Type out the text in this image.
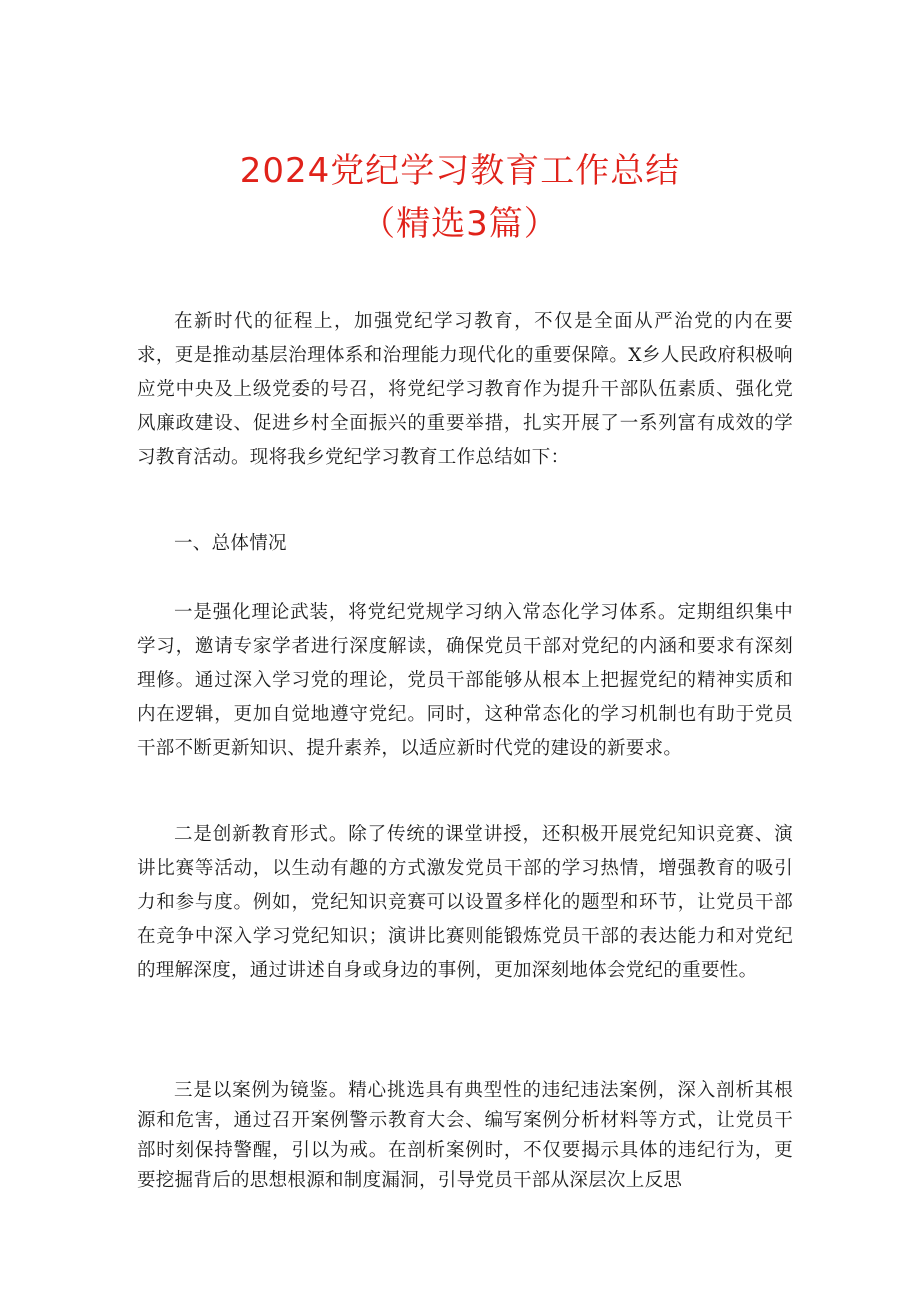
2024党纪学习教育工作总结
（精选3篇）

在新时代的征程上，加强党纪学习教育，不仅是全面从严治党的内在要求，更是推动基层治理体系和治理能力现代化的重要保障。X乡人民政府积极响应党中央及上级党委的号召，将党纪学习教育作为提升干部队伍素质、强化党风廉政建设、促进乡村全面振兴的重要举措，扎实开展了一系列富有成效的学习教育活动。现将我乡党纪学习教育工作总结如下：

一、总体情况

一是强化理论武装，将党纪党规学习纳入常态化学习体系。定期组织集中学习，邀请专家学者进行深度解读，确保党员干部对党纪的内涵和要求有深刻理修。通过深入学习党的理论，党员干部能够从根本上把握党纪的精神实质和内在逻辑，更加自觉地遵守党纪。同时，这种常态化的学习机制也有助于党员干部不断更新知识、提升素养，以适应新时代党的建设的新要求。

二是创新教育形式。除了传统的课堂讲授，还积极开展党纪知识竞赛、演讲比赛等活动，以生动有趣的方式激发党员干部的学习热情，增强教育的吸引力和参与度。例如，党纪知识竞赛可以设置多样化的题型和环节，让党员干部在竞争中深入学习党纪知识；演讲比赛则能锻炼党员干部的表达能力和对党纪的理解深度，通过讲述自身或身边的事例，更加深刻地体会党纪的重要性。

三是以案例为镜鉴。精心挑选具有典型性的违纪违法案例，深入剖析其根源和危害，通过召开案例警示教育大会、编写案例分析材料等方式，让党员干部时刻保持警醒，引以为戒。在剖析案例时，不仅要揭示具体的违纪行为，更要挖掘背后的思想根源和制度漏洞，引导党员干部从深层次上反思
